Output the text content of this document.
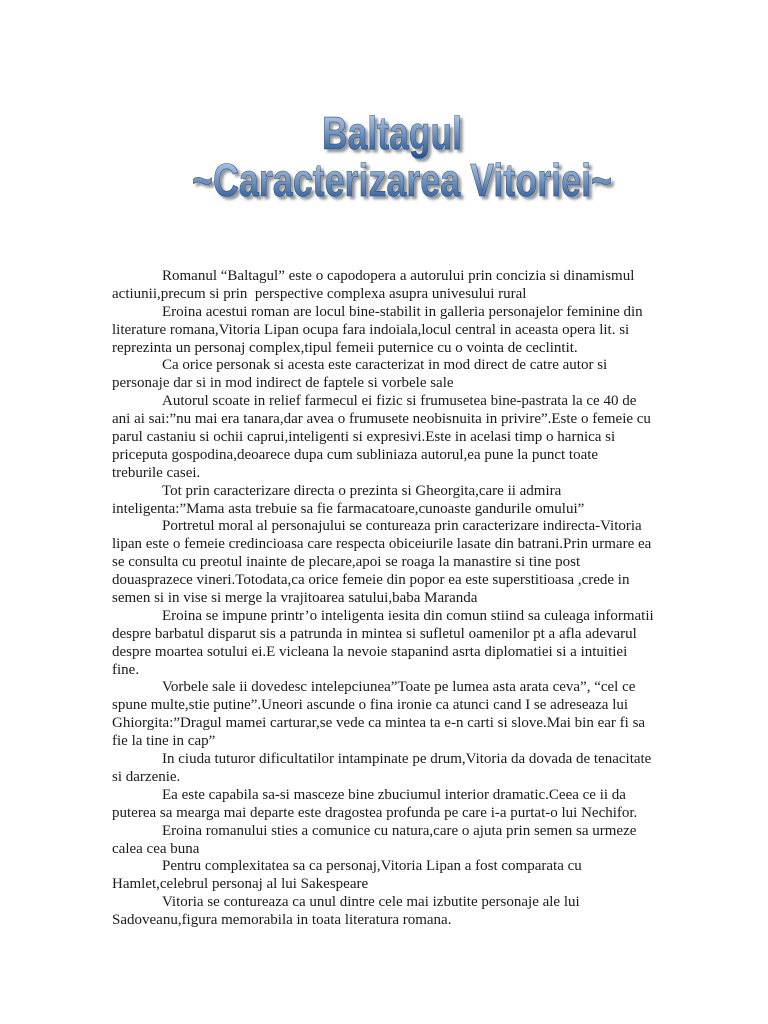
Baltagul
~Caracterizarea Vitoriei~
Romanul “Baltagul” este o capodopera a autorului prin concizia si dinamismul
actiunii,precum si prin  perspective complexa asupra univesului rural
Eroina acestui roman are locul bine-stabilit in galleria personajelor feminine din
literature romana,Vitoria Lipan ocupa fara indoiala,locul central in aceasta opera lit. si
reprezinta un personaj complex,tipul femeii puternice cu o vointa de ceclintit.
Ca orice personak si acesta este caracterizat in mod direct de catre autor si
personaje dar si in mod indirect de faptele si vorbele sale
Autorul scoate in relief farmecul ei fizic si frumusetea bine-pastrata la ce 40 de
ani ai sai:”nu mai era tanara,dar avea o frumusete neobisnuita in privire”.Este o femeie cu
parul castaniu si ochii caprui,inteligenti si expresivi.Este in acelasi timp o harnica si
priceputa gospodina,deoarece dupa cum subliniaza autorul,ea pune la punct toate
treburile casei.
Tot prin caracterizare directa o prezinta si Gheorgita,care ii admira
inteligenta:”Mama asta trebuie sa fie farmacatoare,cunoaste gandurile omului”
Portretul moral al personajului se contureaza prin caracterizare indirecta-Vitoria
lipan este o femeie credincioasa care respecta obiceiurile lasate din batrani.Prin urmare ea
se consulta cu preotul inainte de plecare,apoi se roaga la manastire si tine post
douasprazece vineri.Totodata,ca orice femeie din popor ea este superstitioasa ,crede in
semen si in vise si merge la vrajitoarea satului,baba Maranda
Eroina se impune printr’o inteligenta iesita din comun stiind sa culeaga informatii
despre barbatul disparut sis a patrunda in mintea si sufletul oamenilor pt a afla adevarul
despre moartea sotului ei.E vicleana la nevoie stapanind asrta diplomatiei si a intuitiei
fine.
Vorbele sale ii dovedesc intelepciunea”Toate pe lumea asta arata ceva”, “cel ce
spune multe,stie putine”.Uneori ascunde o fina ironie ca atunci cand I se adreseaza lui
Ghiorgita:”Dragul mamei carturar,se vede ca mintea ta e-n carti si slove.Mai bin ear fi sa
fie la tine in cap”
In ciuda tuturor dificultatilor intampinate pe drum,Vitoria da dovada de tenacitate
si darzenie.
Ea este capabila sa-si masceze bine zbuciumul interior dramatic.Ceea ce ii da
puterea sa mearga mai departe este dragostea profunda pe care i-a purtat-o lui Nechifor.
Eroina romanului sties a comunice cu natura,care o ajuta prin semen sa urmeze
calea cea buna
Pentru complexitatea sa ca personaj,Vitoria Lipan a fost comparata cu
Hamlet,celebrul personaj al lui Sakespeare
Vitoria se contureaza ca unul dintre cele mai izbutite personaje ale lui
Sadoveanu,figura memorabila in toata literatura romana.
